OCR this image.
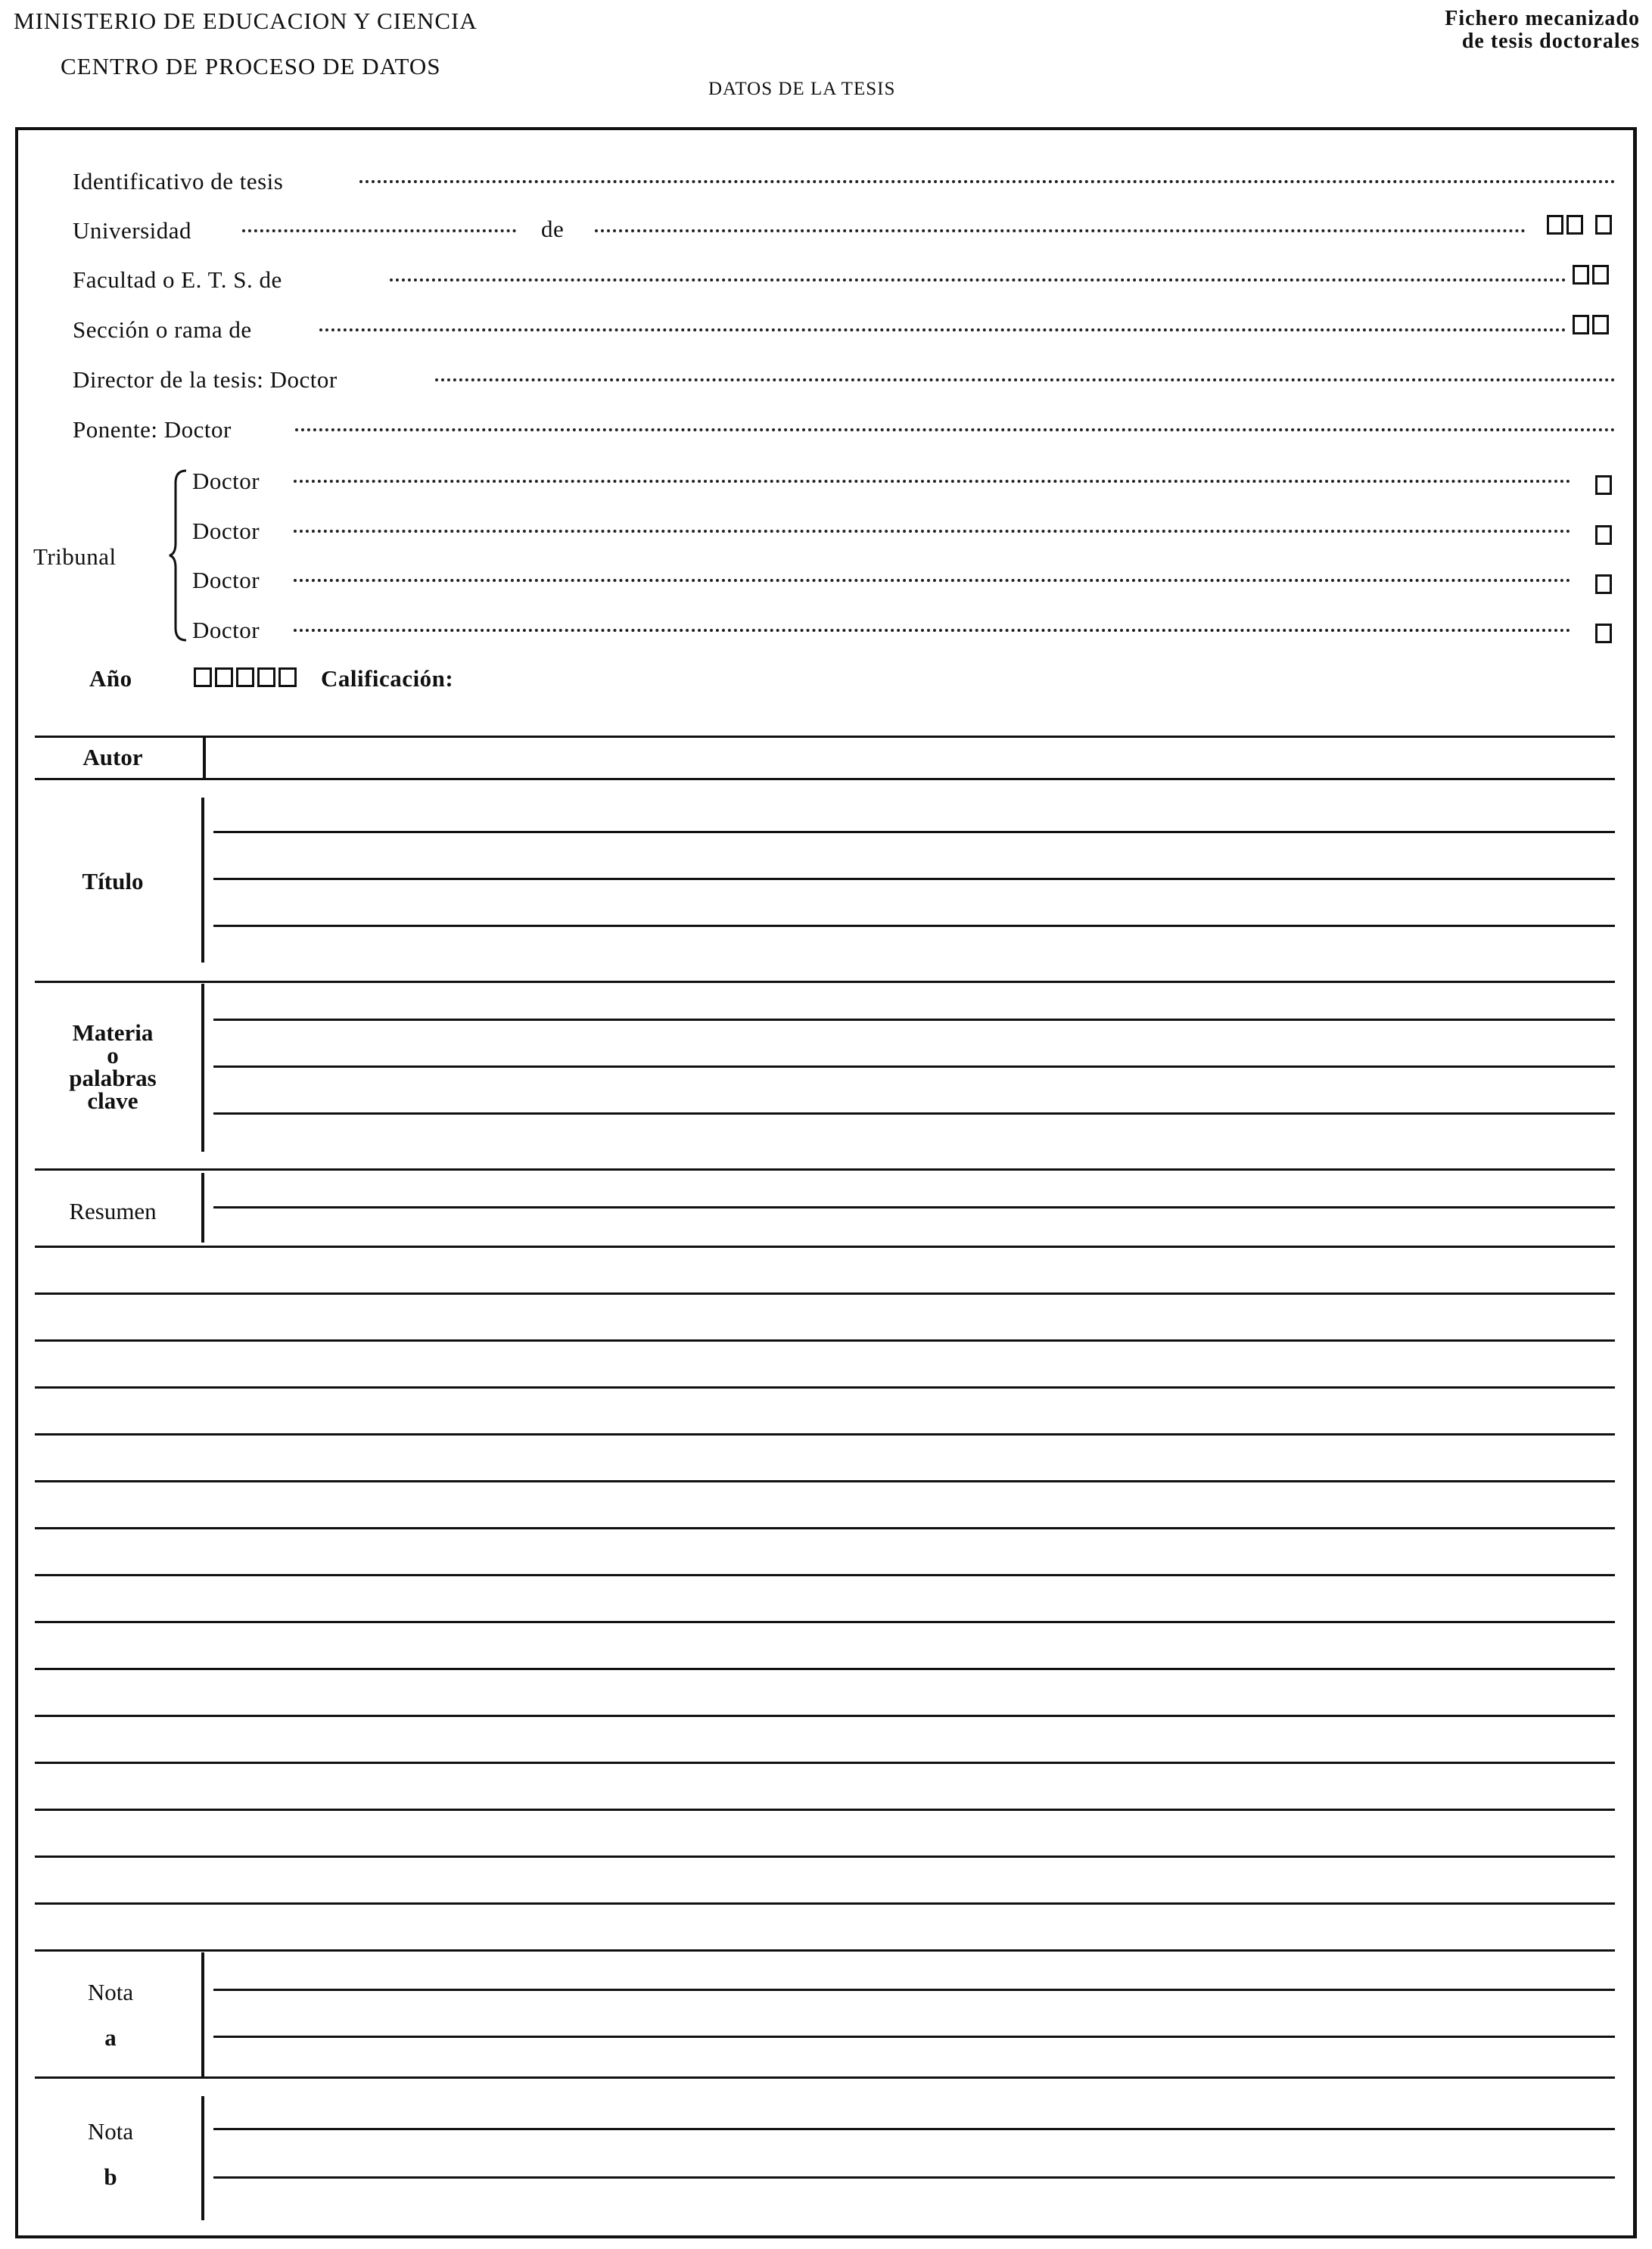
MINISTERIO DE EDUCACION Y CIENCIA
CENTRO DE PROCESO DE DATOS
DATOS DE LA TESIS
Fichero mecanizado
de tesis doctorales
Identificativo de tesis
Universidad	de
Facultad o E. T. S. de
Sección o rama de
Director de la tesis: Doctor
Ponente: Doctor
Tribunal
Doctor
Doctor
Doctor
Doctor
Año	Calificación:
Autor
Título
Materia
o
palabras
clave
Resumen
Nota
a
Nota
b
